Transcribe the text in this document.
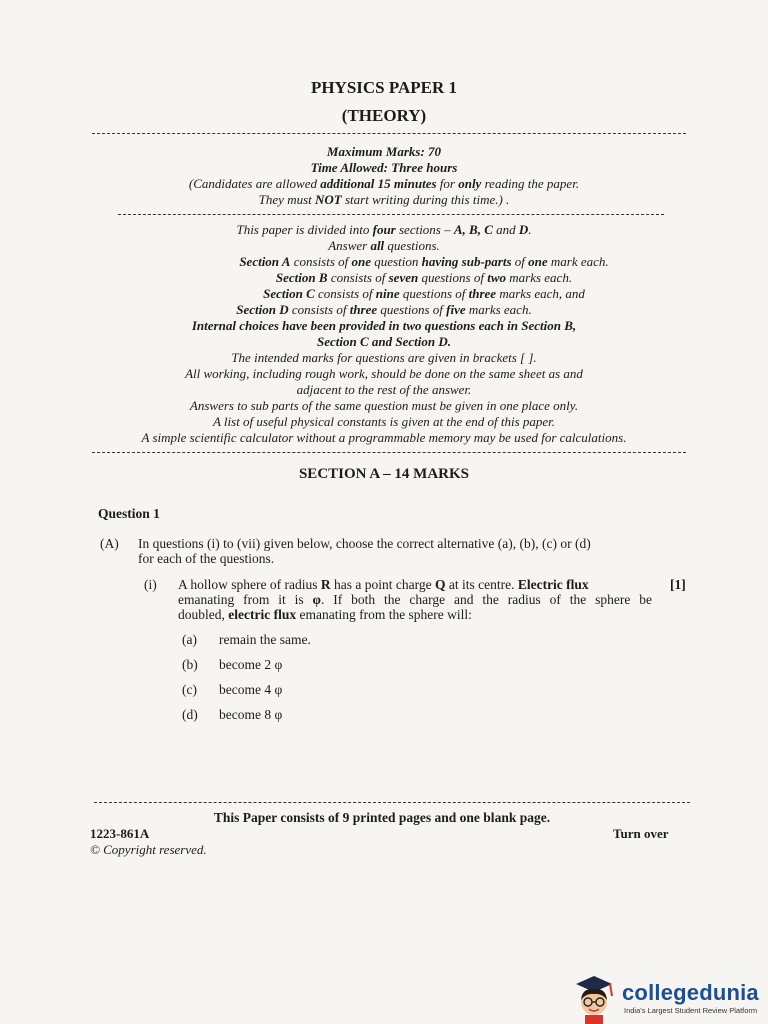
PHYSICS PAPER 1
(THEORY)
Maximum Marks: 70
Time Allowed: Three hours
(Candidates are allowed additional 15 minutes for only reading the paper.
They must NOT start writing during this time.) .
This paper is divided into four sections – A, B, C and D.
Answer all questions.
Section A consists of one question having sub-parts of one mark each.
Section B consists of seven questions of two marks each.
Section C consists of nine questions of three marks each, and
Section D consists of three questions of five marks each.
Internal choices have been provided in two questions each in Section B,
Section C and Section D.
The intended marks for questions are given in brackets [ ].
All working, including rough work, should be done on the same sheet as and
adjacent to the rest of the answer.
Answers to sub parts of the same question must be given in one place only.
A list of useful physical constants is given at the end of this paper.
A simple scientific calculator without a programmable memory may be used for calculations.
SECTION A – 14 MARKS
Question 1
(A) In questions (i) to (vii) given below, choose the correct alternative (a), (b), (c) or (d)
for each of the questions.
(i) A hollow sphere of radius R has a point charge Q at its centre. Electric flux	[1]
emanating from it is φ. If both the charge and the radius of the sphere be
doubled, electric flux emanating from the sphere will:
(a) remain the same.
(b) become 2 φ
(c) become 4 φ
(d) become 8 φ
This Paper consists of 9 printed pages and one blank page.
1223-861A	Turn over
© Copyright reserved.
collegedunia
India's Largest Student Review Platform
